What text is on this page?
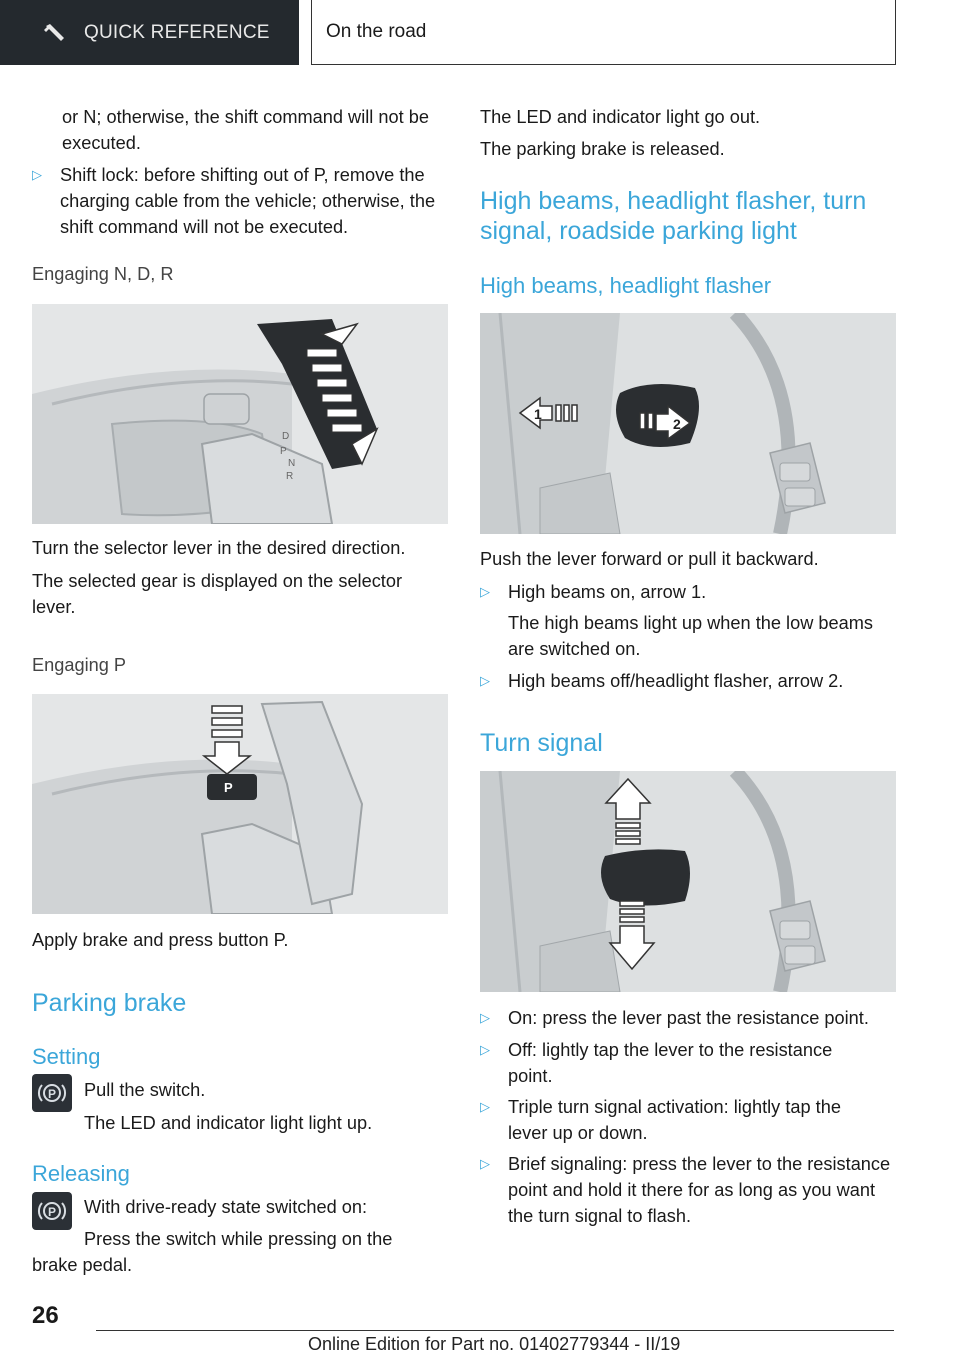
QUICK REFERENCE	On the road

or N; otherwise, the shift command will not be executed.

▷ Shift lock: before shifting out of P, remove the charging cable from the vehicle; otherwise, the shift command will not be executed.
Engaging N, D, R
D
P
N
R

Turn the selector lever in the desired direction.

The selected gear is displayed on the selector lever.

Engaging P
P

Apply brake and press button P.

Parking brake
Setting
P Pull the switch.

The LED and indicator light light up.

Releasing
P With drive-ready state switched on:

Press the switch while pressing on the brake pedal.

The LED and indicator light go out.

The parking brake is released.

High beams, headlight flasher, turn signal, roadside parking light
High beams, headlight flasher
1
2

Push the lever forward or pull it backward.

▷ High beams on, arrow 1.

The high beams light up when the low beams are switched on.

▷ High beams off/headlight flasher, arrow 2.
Turn signal
▷ On: press the lever past the resistance point.
▷ Off: lightly tap the lever to the resistance point.
▷ Triple turn signal activation: lightly tap the lever up or down.
▷ Brief signaling: press the lever to the resistance point and hold it there for as long as you want the turn signal to flash.
26
Online Edition for Part no. 01402779344 - II/19
